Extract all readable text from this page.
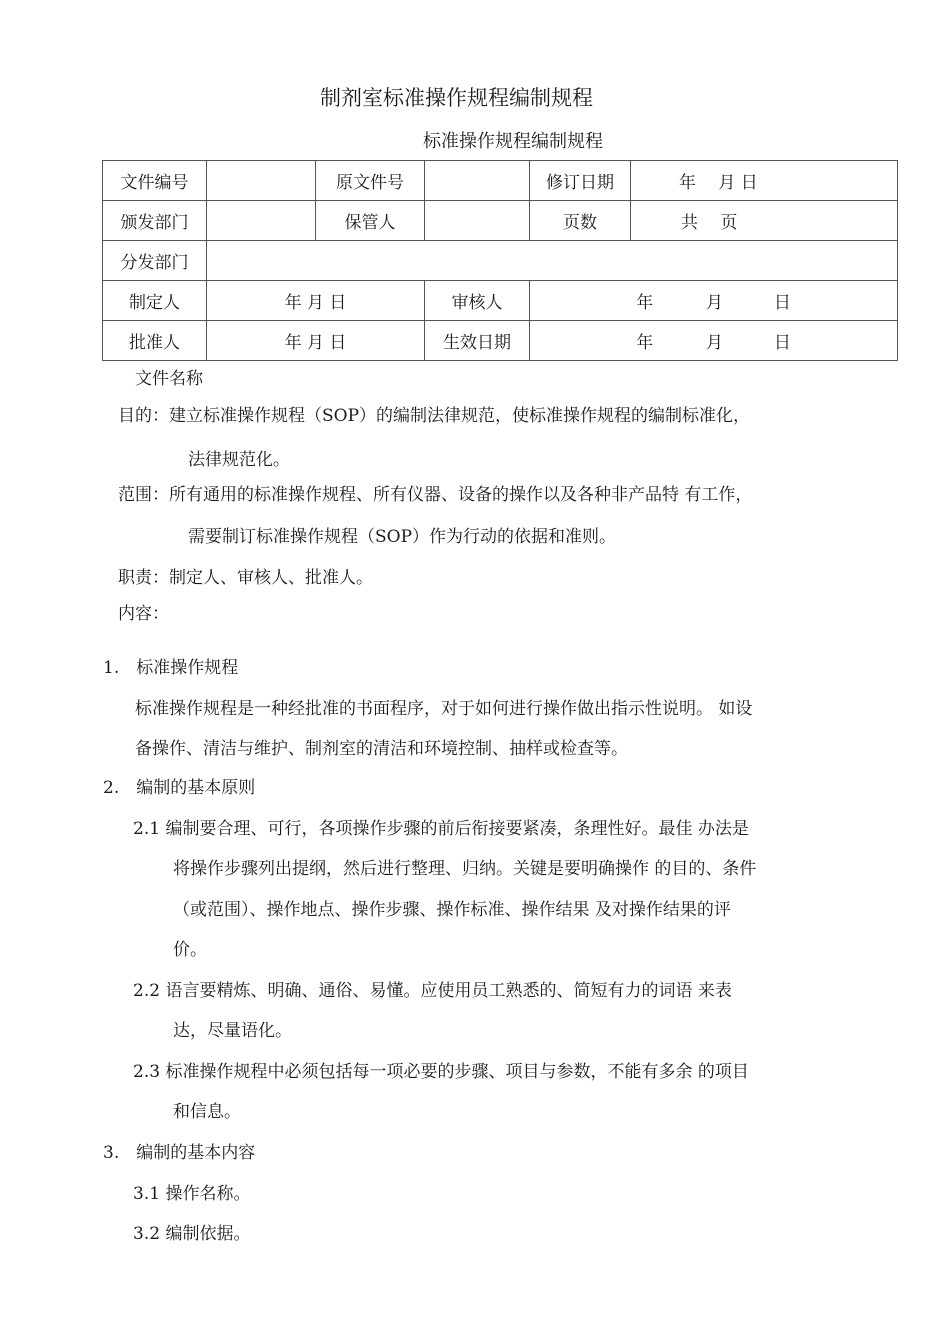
制剂室标准操作规程编制规程
标准操作规程编制规程
文件编号		原文件号		修订日期	年　 月 日
颁发部门		保管人		页数	共　 页
分发部门					
制定人	年 月 日		审核人	年 月 日	
批准人	年 月 日		生效日期	年 月 日	
文件名称
目的：建立标准操作规程（SOP）的编制法律规范，使标准操作规程的编制标准化，
法律规范化。
范围：所有通用的标准操作规程、所有仪器、设备的操作以及各种非产品特 有工作，
需要制订标准操作规程（SOP）作为行动的依据和准则。
职责：制定人、审核人、批准人。
内容：
1.　标准操作规程
标准操作规程是一种经批准的书面程序，对于如何进行操作做出指示性说明。 如设
备操作、清洁与维护、制剂室的清洁和环境控制、抽样或检查等。
2.　编制的基本原则
2.1 编制要合理、可行，各项操作步骤的前后衔接要紧凑，条理性好。最佳 办法是
将操作步骤列出提纲，然后进行整理、归纳。关键是要明确操作 的目的、条件
（或范围）、操作地点、操作步骤、操作标准、操作结果 及对操作结果的评
价。
2.2 语言要精炼、明确、通俗、易懂。应使用员工熟悉的、简短有力的词语 来表
达，尽量语化。
2.3 标准操作规程中必须包括每一项必要的步骤、项目与参数，不能有多余 的项目
和信息。
3.　编制的基本内容
3.1 操作名称。
3.2 编制依据。
